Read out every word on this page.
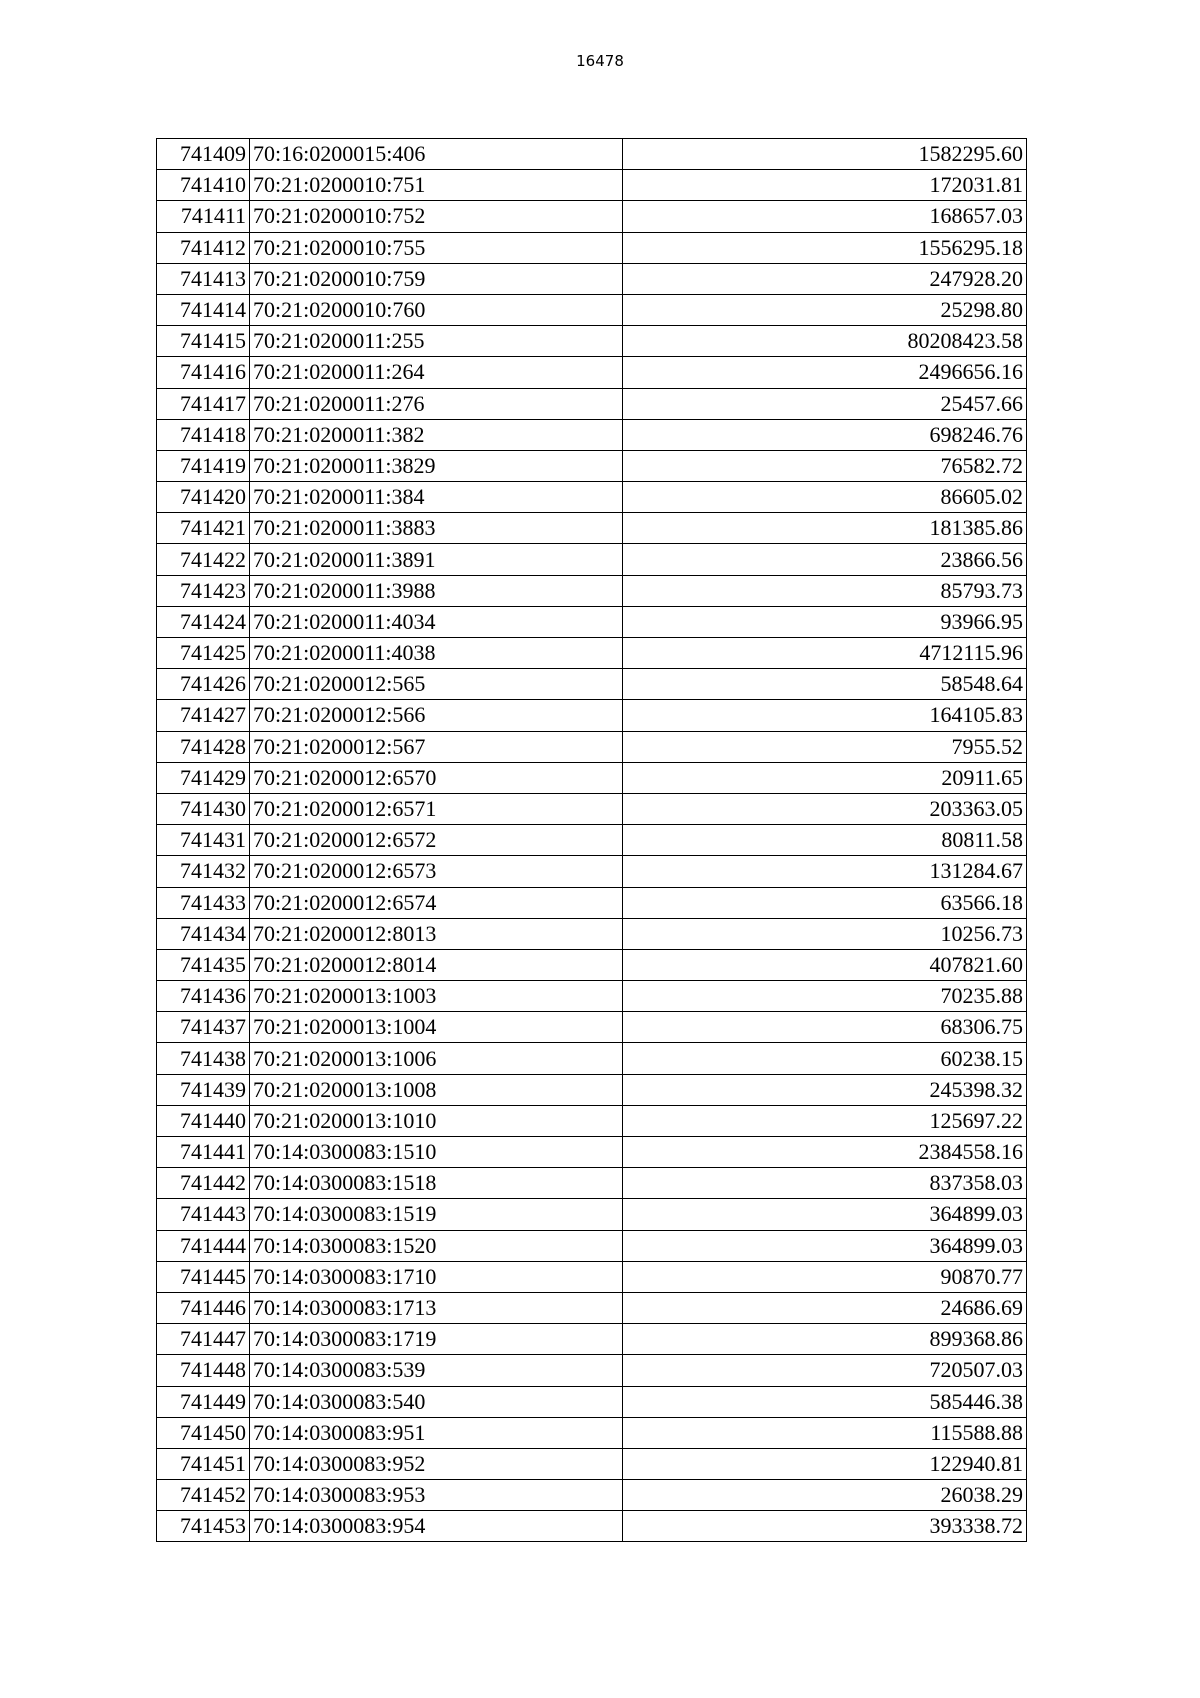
16478
741409	70:16:0200015:406	1582295.60
741410	70:21:0200010:751	172031.81
741411	70:21:0200010:752	168657.03
741412	70:21:0200010:755	1556295.18
741413	70:21:0200010:759	247928.20
741414	70:21:0200010:760	25298.80
741415	70:21:0200011:255	80208423.58
741416	70:21:0200011:264	2496656.16
741417	70:21:0200011:276	25457.66
741418	70:21:0200011:382	698246.76
741419	70:21:0200011:3829	76582.72
741420	70:21:0200011:384	86605.02
741421	70:21:0200011:3883	181385.86
741422	70:21:0200011:3891	23866.56
741423	70:21:0200011:3988	85793.73
741424	70:21:0200011:4034	93966.95
741425	70:21:0200011:4038	4712115.96
741426	70:21:0200012:565	58548.64
741427	70:21:0200012:566	164105.83
741428	70:21:0200012:567	7955.52
741429	70:21:0200012:6570	20911.65
741430	70:21:0200012:6571	203363.05
741431	70:21:0200012:6572	80811.58
741432	70:21:0200012:6573	131284.67
741433	70:21:0200012:6574	63566.18
741434	70:21:0200012:8013	10256.73
741435	70:21:0200012:8014	407821.60
741436	70:21:0200013:1003	70235.88
741437	70:21:0200013:1004	68306.75
741438	70:21:0200013:1006	60238.15
741439	70:21:0200013:1008	245398.32
741440	70:21:0200013:1010	125697.22
741441	70:14:0300083:1510	2384558.16
741442	70:14:0300083:1518	837358.03
741443	70:14:0300083:1519	364899.03
741444	70:14:0300083:1520	364899.03
741445	70:14:0300083:1710	90870.77
741446	70:14:0300083:1713	24686.69
741447	70:14:0300083:1719	899368.86
741448	70:14:0300083:539	720507.03
741449	70:14:0300083:540	585446.38
741450	70:14:0300083:951	115588.88
741451	70:14:0300083:952	122940.81
741452	70:14:0300083:953	26038.29
741453	70:14:0300083:954	393338.72
